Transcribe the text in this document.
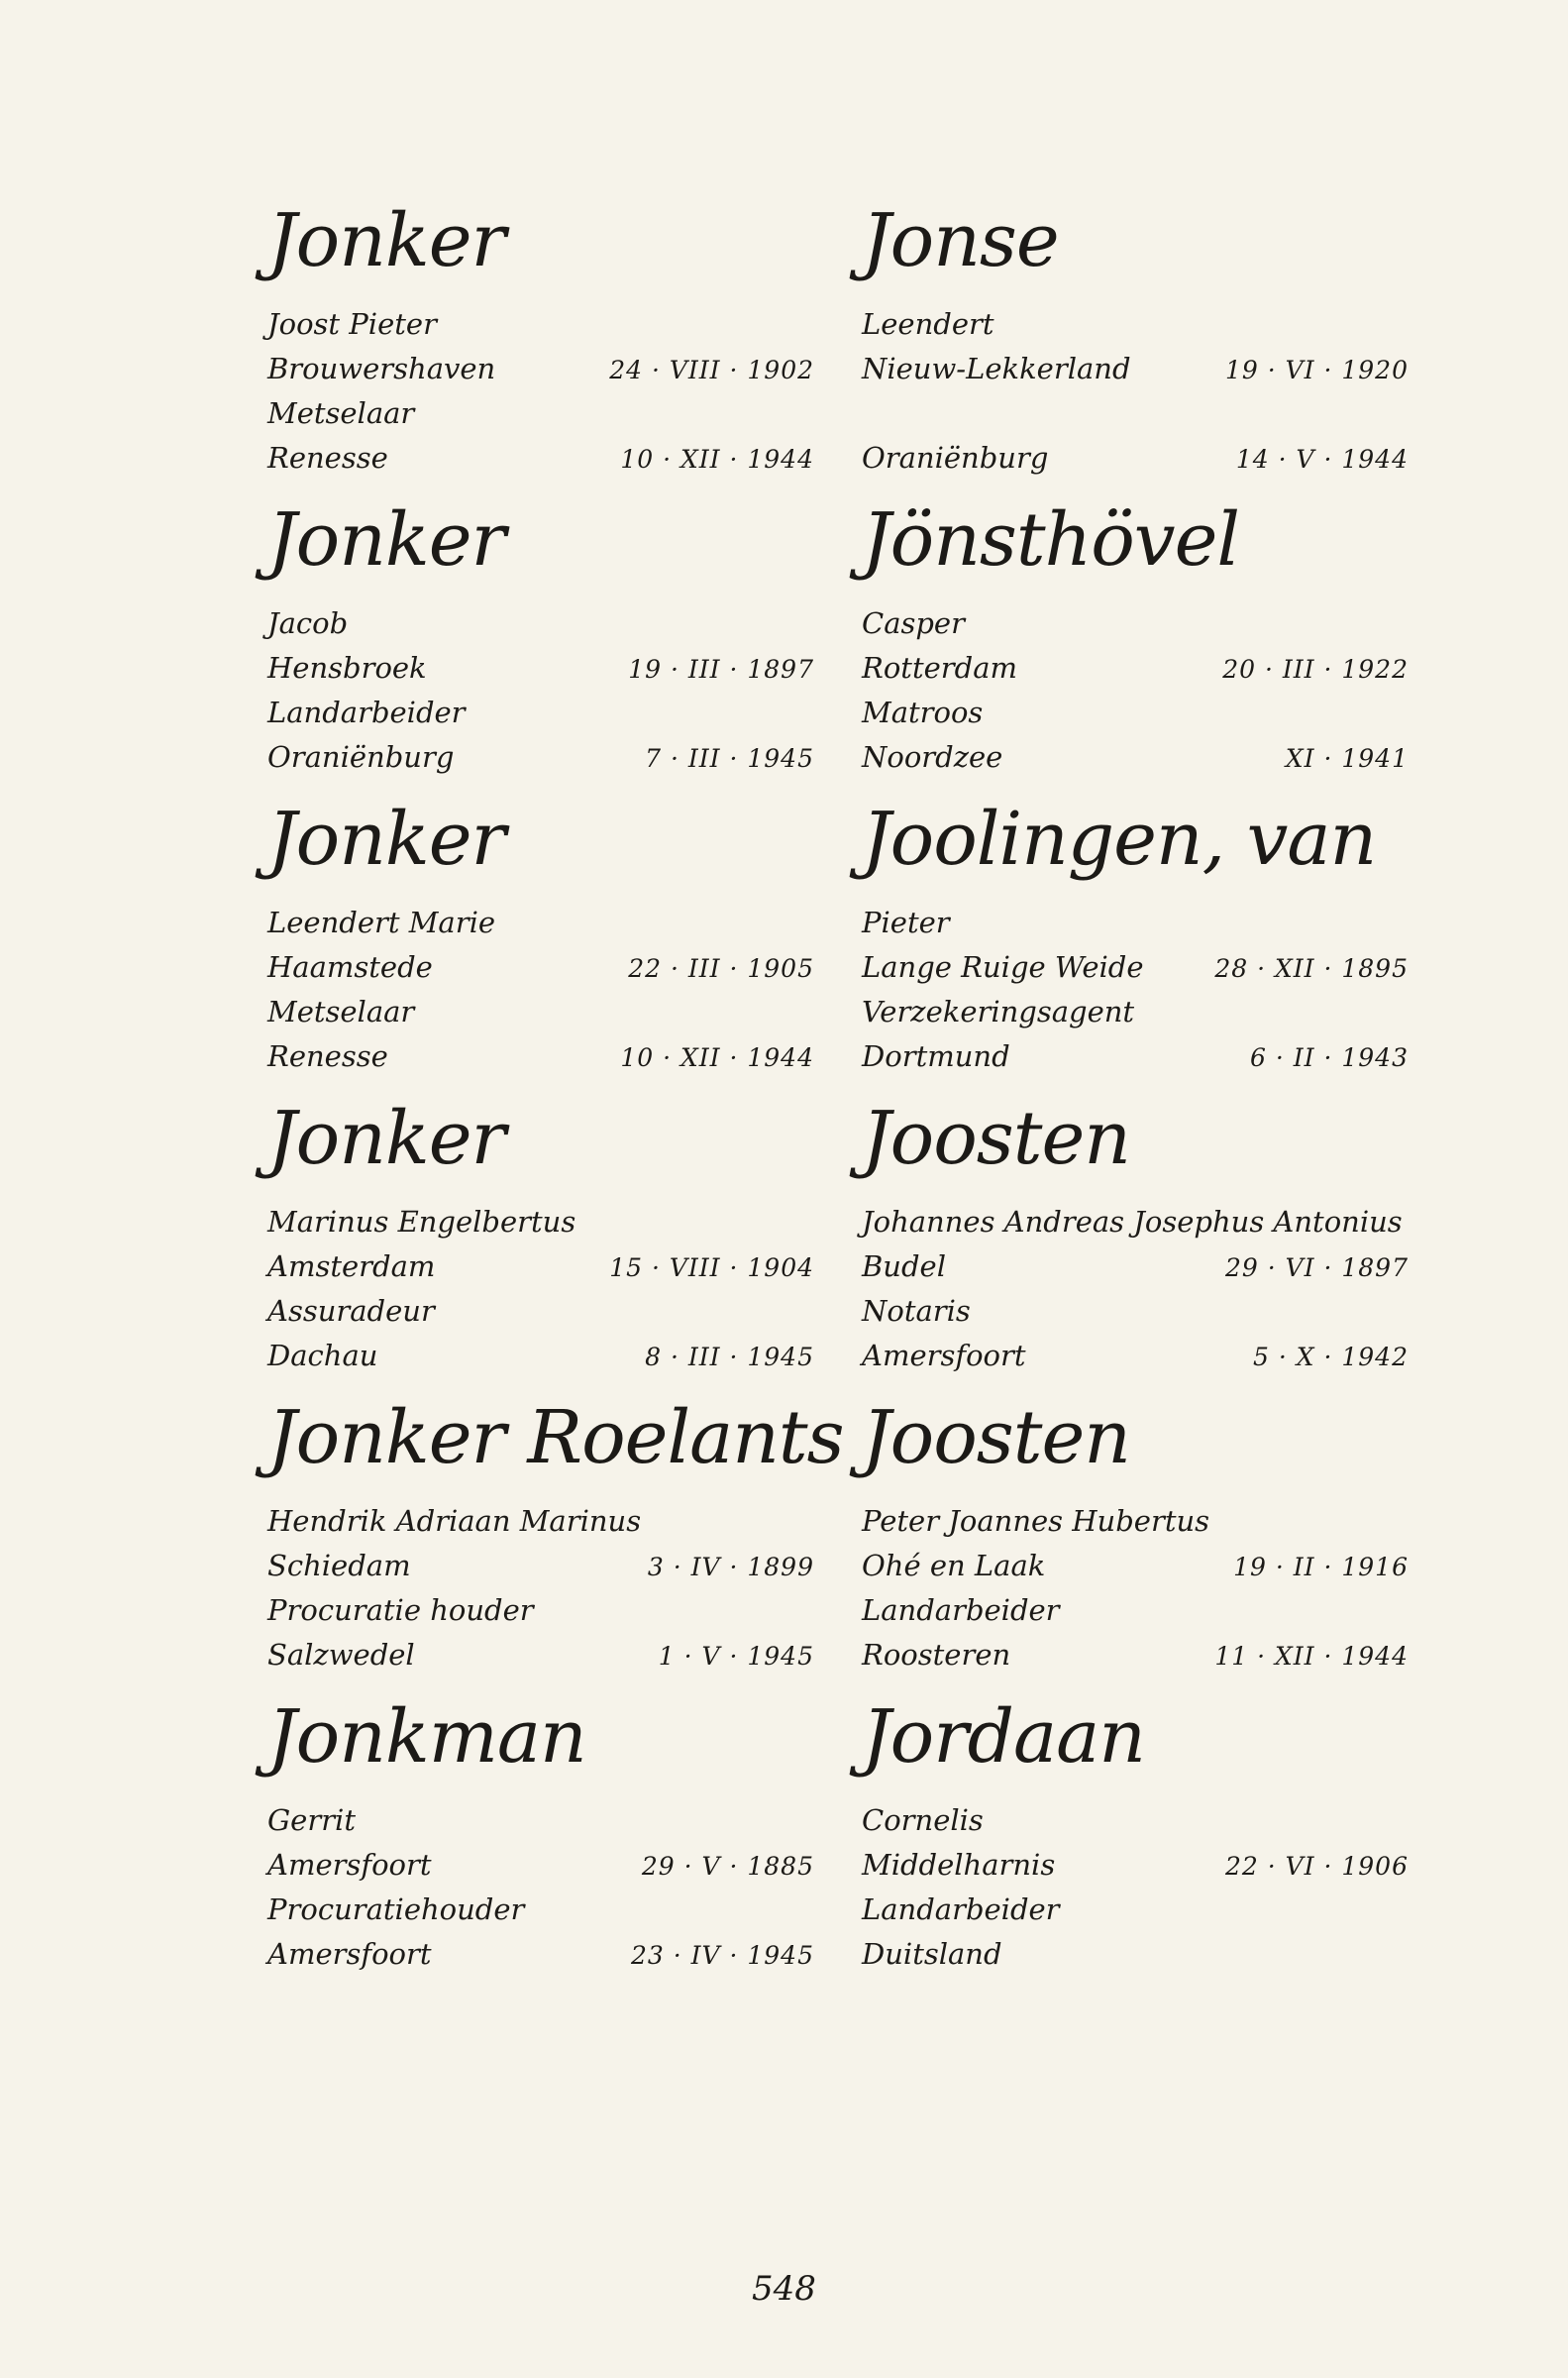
Jonker
Joost Pieter
Brouwershaven	24 · VIII · 1902
Metselaar
Renesse	10 · XII · 1944
Jonker
Jacob
Hensbroek	19 · III · 1897
Landarbeider
Oraniënburg	7 · III · 1945
Jonker
Leendert Marie
Haamstede	22 · III · 1905
Metselaar
Renesse	10 · XII · 1944
Jonker
Marinus Engelbertus
Amsterdam	15 · VIII · 1904
Assuradeur
Dachau	8 · III · 1945
Jonker Roelants
Hendrik Adriaan Marinus
Schiedam	3 · IV · 1899
Procuratie houder
Salzwedel	1 · V · 1945
Jonkman
Gerrit
Amersfoort	29 · V · 1885
Procuratiehouder
Amersfoort	23 · IV · 1945
Jonse
Leendert
Nieuw-Lekkerland	19 · VI · 1920
Oraniënburg	14 · V · 1944
Jönsthövel
Casper
Rotterdam	20 · III · 1922
Matroos
Noordzee	XI · 1941
Joolingen, van
Pieter
Lange Ruige Weide	28 · XII · 1895
Verzekeringsagent
Dortmund	6 · II · 1943
Joosten
Johannes Andreas Josephus Antonius
Budel	29 · VI · 1897
Notaris
Amersfoort	5 · X · 1942
Joosten
Peter Joannes Hubertus
Ohé en Laak	19 · II · 1916
Landarbeider
Roosteren	11 · XII · 1944
Jordaan
Cornelis
Middelharnis	22 · VI · 1906
Landarbeider
Duitsland
548
